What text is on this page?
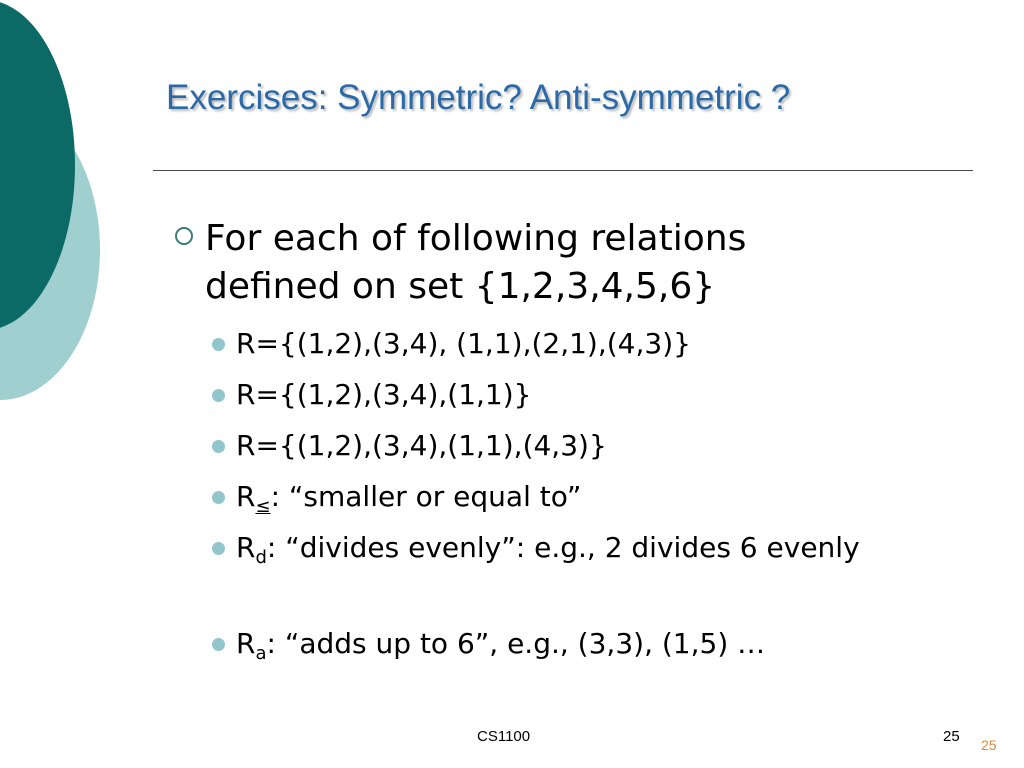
Exercises: Symmetric? Anti-symmetric ?
For each of following relations defined on set {1,2,3,4,5,6}
R={(1,2),(3,4), (1,1),(2,1),(4,3)}
R={(1,2),(3,4),(1,1)}
R={(1,2),(3,4),(1,1),(4,3)}
$R_\le$: “smaller or equal to”
$R_d$: “divides evenly”: e.g., 2 divides 6 evenly
$R_a$: “adds up to 6”, e.g., (3,3), (1,5) …
CS1100	25 25
